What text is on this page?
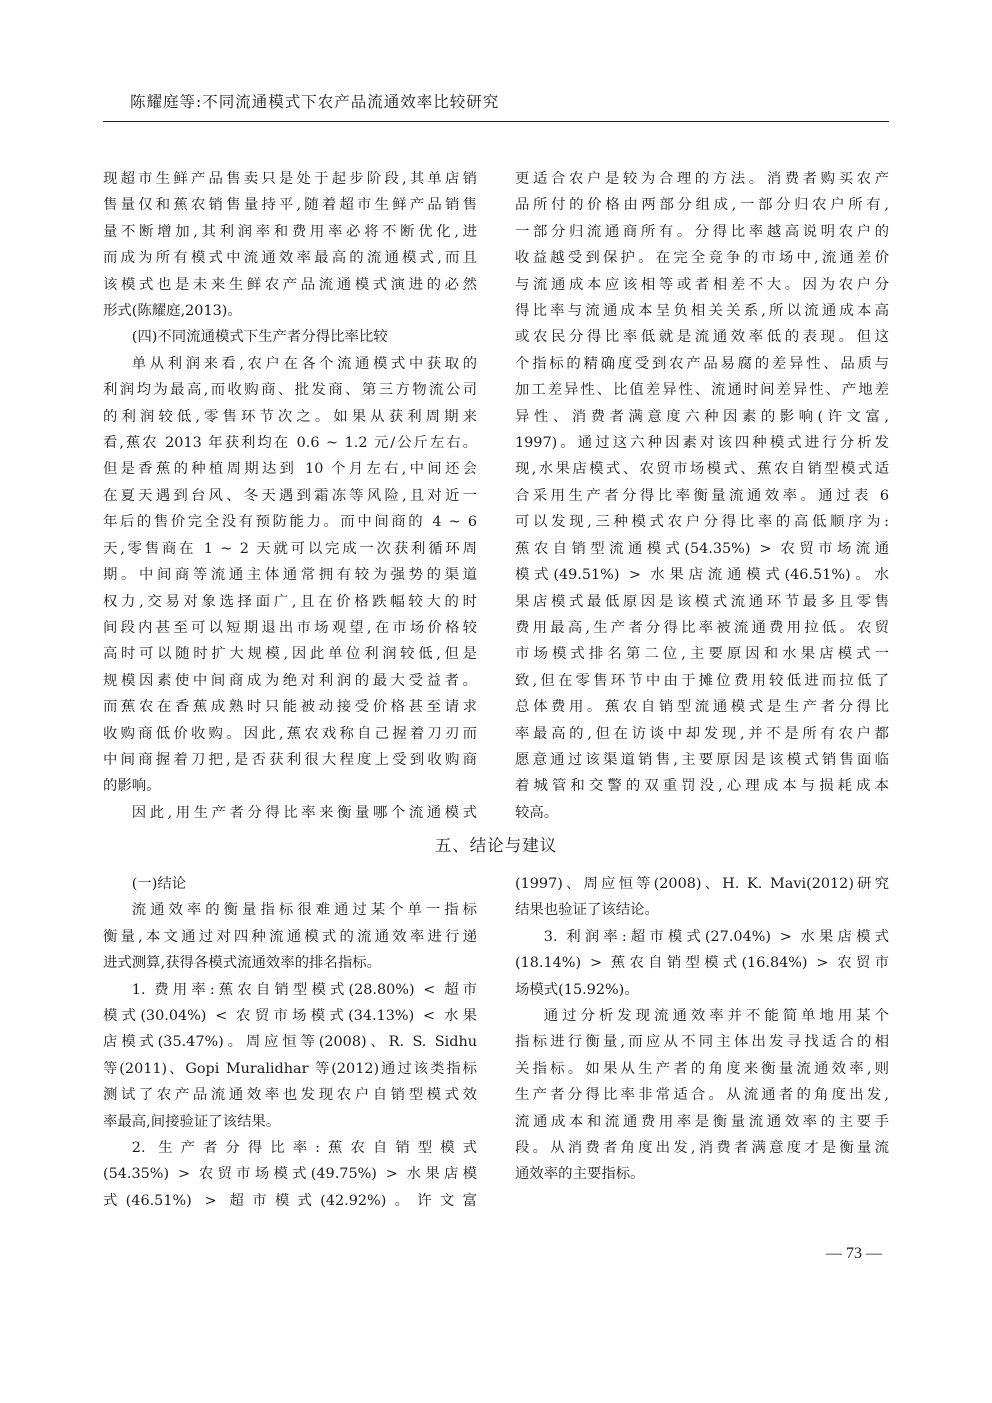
陈耀庭等:不同流通模式下农产品流通效率比较研究

现超市生鲜产品售卖只是处于起步阶段,其单店销

售量仅和蕉农销售量持平,随着超市生鲜产品销售

量不断增加,其利润率和费用率必将不断优化,进

而成为所有模式中流通效率最高的流通模式,而且

该模式也是未来生鲜农产品流通模式演进的必然

形式(陈耀庭,2013)。

(四)不同流通模式下生产者分得比率比较

单从利润来看,农户在各个流通模式中获取的

利润均为最高,而收购商、批发商、第三方物流公司

的利润较低,零售环节次之。如果从获利周期来

看,蕉农 2013 年获利均在 0.6 ~ 1.2 元/公斤左右。

但是香蕉的种植周期达到 10 个月左右,中间还会

在夏天遇到台风、冬天遇到霜冻等风险,且对近一

年后的售价完全没有预防能力。而中间商的 4 ~ 6

天,零售商在 1 ~ 2 天就可以完成一次获利循环周

期。中间商等流通主体通常拥有较为强势的渠道

权力,交易对象选择面广,且在价格跌幅较大的时

间段内甚至可以短期退出市场观望,在市场价格较

高时可以随时扩大规模,因此单位利润较低,但是

规模因素使中间商成为绝对利润的最大受益者。

而蕉农在香蕉成熟时只能被动接受价格甚至请求

收购商低价收购。因此,蕉农戏称自己握着刀刃而

中间商握着刀把,是否获利很大程度上受到收购商

的影响。

因此,用生产者分得比率来衡量哪个流通模式

更适合农户是较为合理的方法。消费者购买农产

品所付的价格由两部分组成,一部分归农户所有,

一部分归流通商所有。分得比率越高说明农户的

收益越受到保护。在完全竞争的市场中,流通差价

与流通成本应该相等或者相差不大。因为农户分

得比率与流通成本呈负相关关系,所以流通成本高

或农民分得比率低就是流通效率低的表现。但这

个指标的精确度受到农产品易腐的差异性、品质与

加工差异性、比值差异性、流通时间差异性、产地差

异性、消费者满意度六种因素的影响(许文富,

1997)。通过这六种因素对该四种模式进行分析发

现,水果店模式、农贸市场模式、蕉农自销型模式适

合采用生产者分得比率衡量流通效率。通过表 6

可以发现,三种模式农户分得比率的高低顺序为:

蕉农自销型流通模式(54.35%) > 农贸市场流通

模式(49.51%) > 水果店流通模式(46.51%)。水

果店模式最低原因是该模式流通环节最多且零售

费用最高,生产者分得比率被流通费用拉低。农贸

市场模式排名第二位,主要原因和水果店模式一

致,但在零售环节中由于摊位费用较低进而拉低了

总体费用。蕉农自销型流通模式是生产者分得比

率最高的,但在访谈中却发现,并不是所有农户都

愿意通过该渠道销售,主要原因是该模式销售面临

着城管和交警的双重罚没,心理成本与损耗成本

较高。

五、结论与建议

(一)结论

流通效率的衡量指标很难通过某个单一指标

衡量,本文通过对四种流通模式的流通效率进行递

进式测算,获得各模式流通效率的排名指标。

1. 费用率:蕉农自销型模式(28.80%) < 超市

模式(30.04%) < 农贸市场模式(34.13%) < 水果

店模式(35.47%)。周应恒等(2008)、R. S. Sidhu

等(2011)、Gopi Muralidhar 等(2012)通过该类指标

测试了农产品流通效率也发现农户自销型模式效

率最高,间接验证了该结果。

2. 生产者分得比率:蕉农自销型模式

(54.35%) > 农贸市场模式(49.75%) > 水果店模

式(46.51%) > 超市模式(42.92%)。许文富

(1997)、周应恒等(2008)、H. K. Mavi(2012)研究

结果也验证了该结论。

3. 利润率:超市模式(27.04%) > 水果店模式

(18.14%) > 蕉农自销型模式(16.84%) > 农贸市

场模式(15.92%)。

通过分析发现流通效率并不能简单地用某个

指标进行衡量,而应从不同主体出发寻找适合的相

关指标。如果从生产者的角度来衡量流通效率,则

生产者分得比率非常适合。从流通者的角度出发,

流通成本和流通费用率是衡量流通效率的主要手

段。从消费者角度出发,消费者满意度才是衡量流

通效率的主要指标。

— 73 —
